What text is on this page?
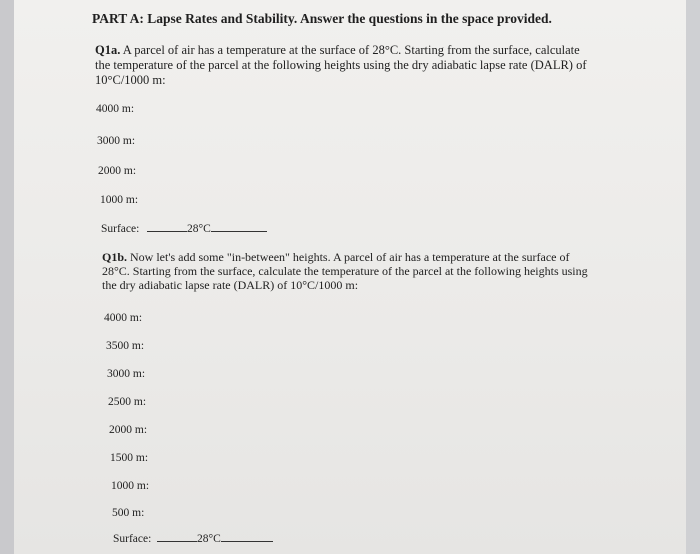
PART A: Lapse Rates and Stability. Answer the questions in the space provided.
Q1a. A parcel of air has a temperature at the surface of 28°C. Starting from the surface, calculate the temperature of the parcel at the following heights using the dry adiabatic lapse rate (DALR) of 10°C/1000 m:
4000 m:
3000 m:
2000 m:
1000 m:
Surface:	28°C
Q1b. Now let's add some "in-between" heights. A parcel of air has a temperature at the surface of 28°C. Starting from the surface, calculate the temperature of the parcel at the following heights using the dry adiabatic lapse rate (DALR) of 10°C/1000 m:
4000 m:
3500 m:
3000 m:
2500 m:
2000 m:
1500 m:
1000 m:
500 m:
Surface:	28°C
